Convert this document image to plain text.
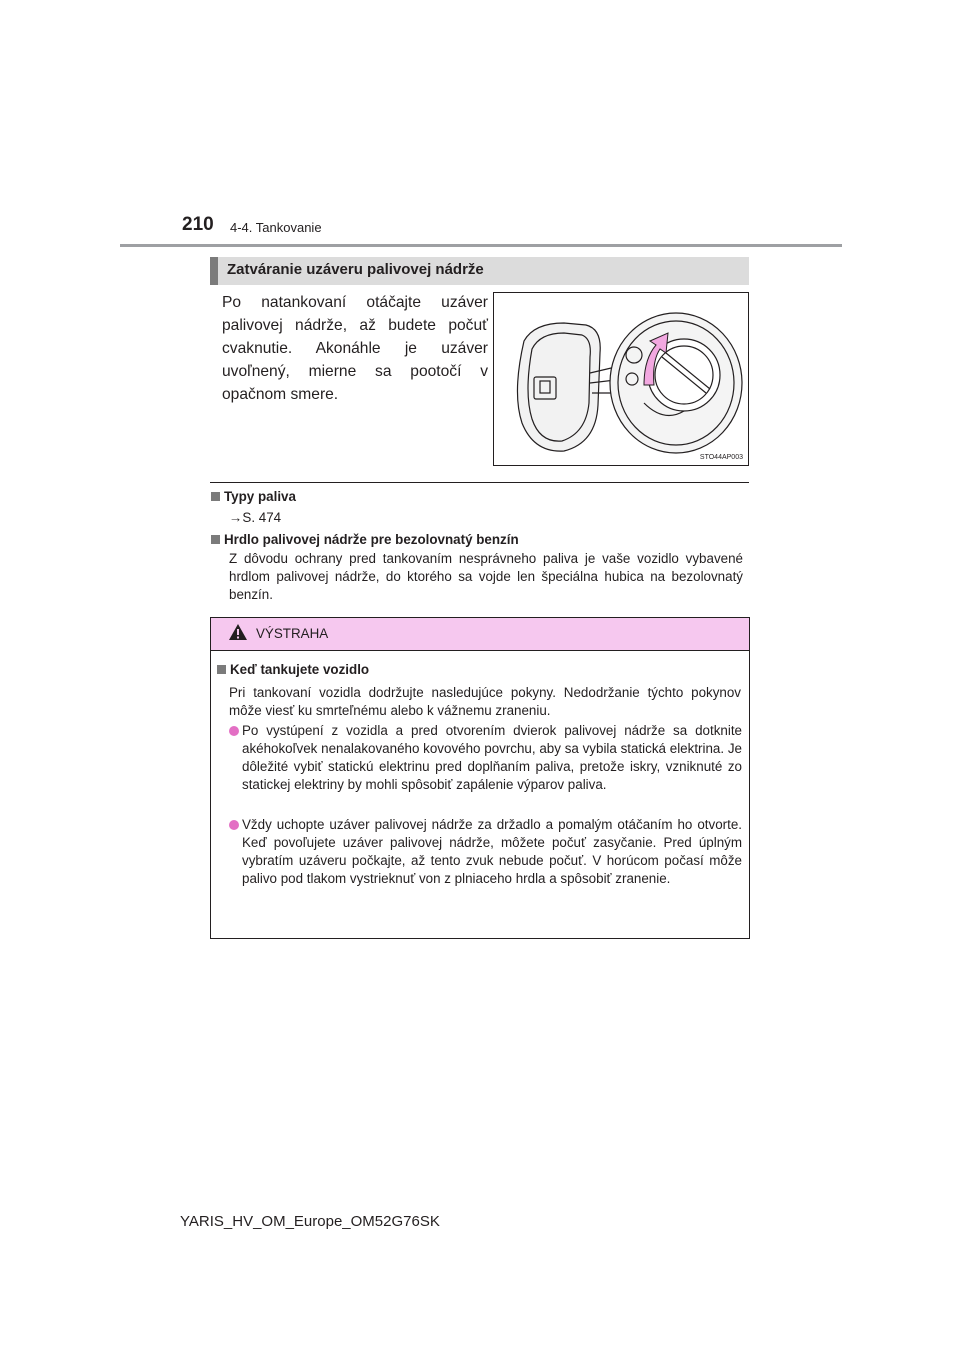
210 4-4. Tankovanie
Zatváranie uzáveru palivovej nádrže
Po natankovaní otáčajte uzáver palivovej nádrže, až budete počuť cvaknutie. Akonáhle je uzáver uvoľnený, mierne sa pootočí v opačnom smere.
STO44AP003
Typy paliva
→S. 474
Hrdlo palivovej nádrže pre bezolovnatý benzín
Z dôvodu ochrany pred tankovaním nesprávneho paliva je vaše vozidlo vybavené hrdlom palivovej nádrže, do ktorého sa vojde len špeciálna hubica na bezolovnatý benzín.
VÝSTRAHA
Keď tankujete vozidlo
Pri tankovaní vozidla dodržujte nasledujúce pokyny. Nedodržanie týchto pokynov môže viesť ku smrteľnému alebo k vážnemu zraneniu.
Po vystúpení z vozidla a pred otvorením dvierok palivovej nádrže sa dotknite akéhokoľvek nenalakovaného kovového povrchu, aby sa vybila statická elektrina. Je dôležité vybiť statickú elektrinu pred doplňaním paliva, pretože iskry, vzniknuté zo statickej elektriny by mohli spôsobiť zapálenie výparov paliva.
Vždy uchopte uzáver palivovej nádrže za držadlo a pomalým otáčaním ho otvorte. Keď povoľujete uzáver palivovej nádrže, môžete počuť zasyčanie. Pred úplným vybratím uzáveru počkajte, až tento zvuk nebude počuť. V horúcom počasí môže palivo pod tlakom vystrieknuť von z plniaceho hrdla a spôsobiť zranenie.
YARIS_HV_OM_Europe_OM52G76SK
